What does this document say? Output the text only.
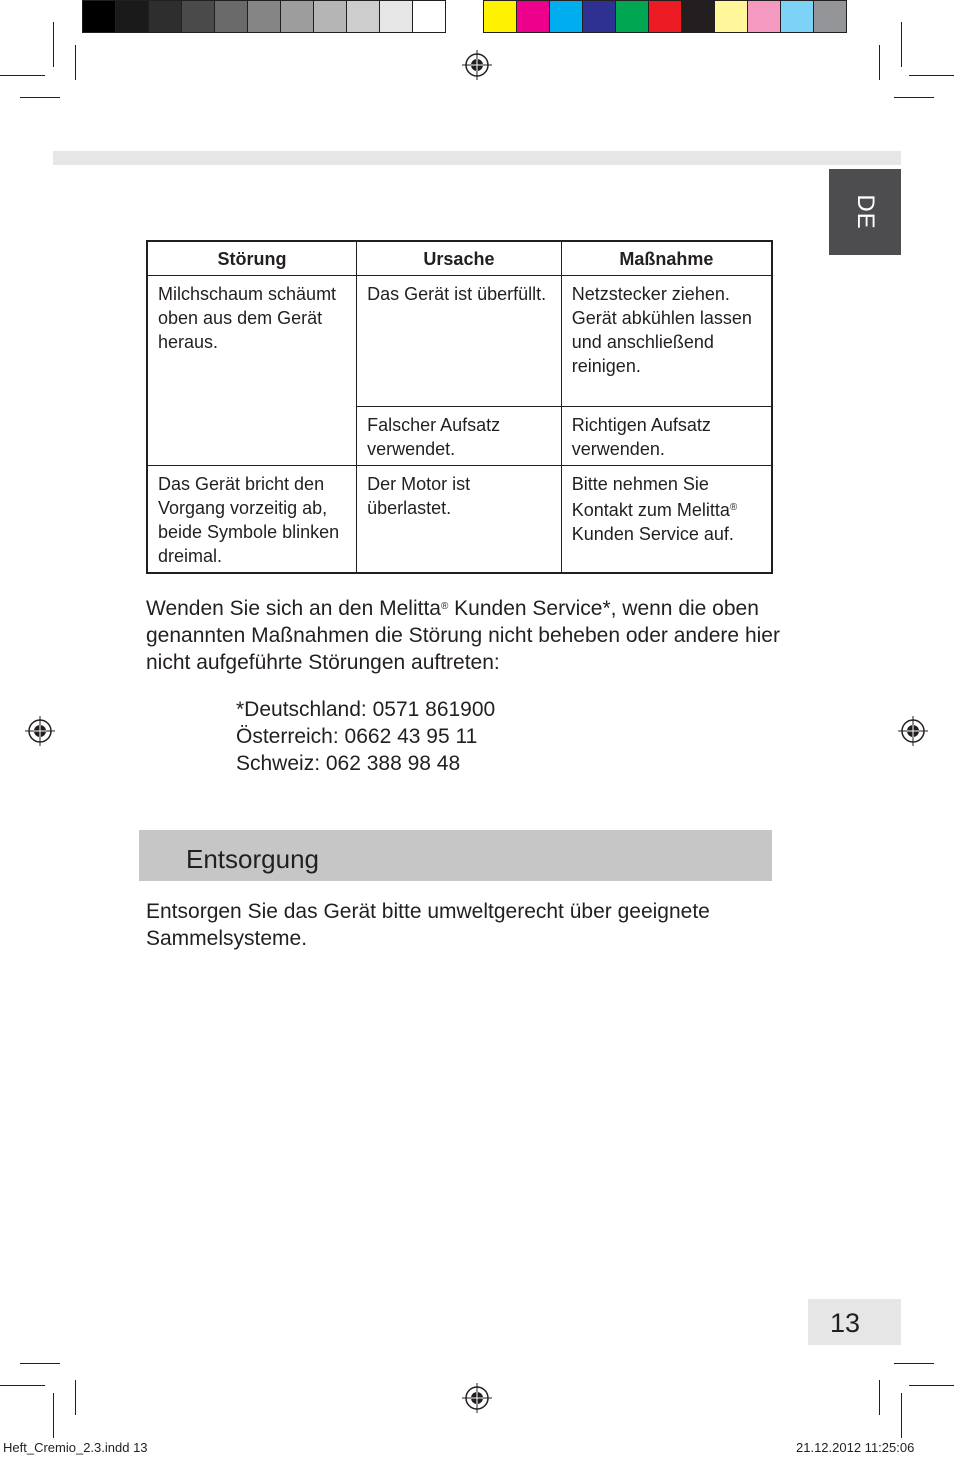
DE
Störung	Ursache	Maßnahme
Milchschaum schäumt oben aus dem Gerät heraus.	Das Gerät ist überfüllt.	Netzstecker ziehen. Gerät abkühlen lassen und anschließend reinigen.
	Falscher Aufsatz verwendet.	Richtigen Aufsatz verwenden.
Das Gerät bricht den Vorgang vorzeitig ab, beide Symbole blinken dreimal.	Der Motor ist überlastet.	Bitte nehmen Sie Kontakt zum Melitta® Kunden Service auf.
Wenden Sie sich an den Melitta® Kunden Service*, wenn die oben genannten Maßnahmen die Störung nicht beheben oder andere hier nicht aufgeführte Störungen auftreten:
*Deutschland: 0571 861900
Österreich: 0662 43 95 11
Schweiz: 062 388 98 48
Entsorgung
Entsorgen Sie das Gerät bitte umweltgerecht über geeignete Sammelsysteme.
13
Heft_Cremio_2.3.indd 13	21.12.2012 11:25:06
